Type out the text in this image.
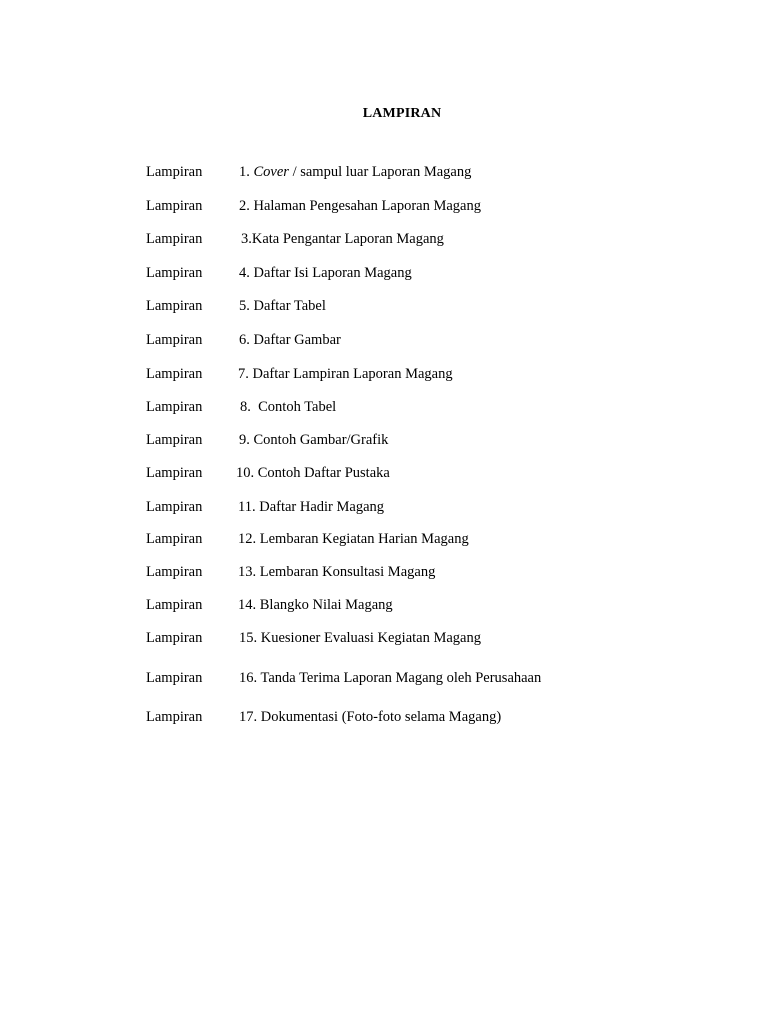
LAMPIRAN
Lampiran	1. Cover / sampul luar Laporan Magang
Lampiran	2. Halaman Pengesahan Laporan Magang
Lampiran	3.Kata Pengantar Laporan Magang
Lampiran	4. Daftar Isi Laporan Magang
Lampiran	5. Daftar Tabel
Lampiran	6. Daftar Gambar
Lampiran 7. Daftar Lampiran Laporan Magang
Lampiran	8. Contoh Tabel
Lampiran	9. Contoh Gambar/Grafik
Lampiran 10. Contoh Daftar Pustaka
Lampiran 11. Daftar Hadir Magang
Lampiran 12. Lembaran Kegiatan Harian Magang
Lampiran 13. Lembaran Konsultasi Magang
Lampiran 14. Blangko Nilai Magang
Lampiran	15. Kuesioner Evaluasi Kegiatan Magang
Lampiran	16. Tanda Terima Laporan Magang oleh Perusahaan
Lampiran	17. Dokumentasi (Foto-foto selama Magang)
